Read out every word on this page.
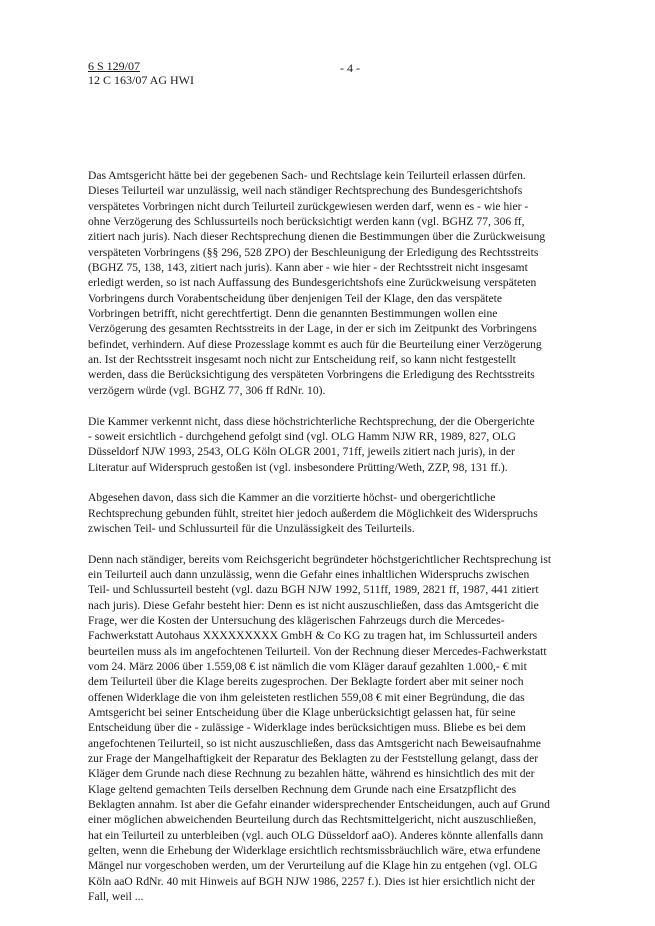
6 S 129/07
12 C 163/07 AG HWI
- 4 -

Das Amtsgericht hätte bei der gegebenen Sach- und Rechtslage kein Teilurteil erlassen dürfen.
Dieses Teilurteil war unzulässig, weil nach ständiger Rechtsprechung des Bundesgerichtshofs
verspätetes Vorbringen nicht durch Teilurteil zurückgewiesen werden darf, wenn es - wie hier -
ohne Verzögerung des Schlussurteils noch berücksichtigt werden kann (vgl. BGHZ 77, 306 ff,
zitiert nach juris). Nach dieser Rechtsprechung dienen die Bestimmungen über die Zurückweisung
verspäteten Vorbringens (§§ 296, 528 ZPO) der Beschleunigung der Erledigung des Rechtsstreits
(BGHZ 75, 138, 143, zitiert nach juris). Kann aber - wie hier - der Rechtsstreit nicht insgesamt
erledigt werden, so ist nach Auffassung des Bundesgerichtshofs eine Zurückweisung verspäteten
Vorbringens durch Vorabentscheidung über denjenigen Teil der Klage, den das verspätete
Vorbringen betrifft, nicht gerechtfertigt. Denn die genannten Bestimmungen wollen eine
Verzögerung des gesamten Rechtsstreits in der Lage, in der er sich im Zeitpunkt des Vorbringens
befindet, verhindern. Auf diese Prozesslage kommt es auch für die Beurteilung einer Verzögerung
an. Ist der Rechtsstreit insgesamt noch nicht zur Entscheidung reif, so kann nicht festgestellt
werden, dass die Berücksichtigung des verspäteten Vorbringens die Erledigung des Rechtsstreits
verzögern würde (vgl. BGHZ 77, 306 ff RdNr. 10).

Die Kammer verkennt nicht, dass diese höchstrichterliche Rechtsprechung, der die Obergerichte
- soweit ersichtlich - durchgehend gefolgt sind (vgl. OLG Hamm NJW RR, 1989, 827, OLG
Düsseldorf NJW 1993, 2543, OLG Köln OLGR 2001, 71ff, jeweils zitiert nach juris), in der
Literatur auf Widerspruch gestoßen ist (vgl. insbesondere Prütting/Weth, ZZP, 98, 131 ff.).

Abgesehen davon, dass sich die Kammer an die vorzitierte höchst- und obergerichtliche
Rechtsprechung gebunden fühlt, streitet hier jedoch außerdem die Möglichkeit des Widerspruchs
zwischen Teil- und Schlussurteil für die Unzulässigkeit des Teilurteils.

Denn nach ständiger, bereits vom Reichsgericht begründeter höchstgerichtlicher Rechtsprechung ist
ein Teilurteil auch dann unzulässig, wenn die Gefahr eines inhaltlichen Widerspruchs zwischen
Teil- und Schlussurteil besteht (vgl. dazu BGH NJW 1992, 511ff, 1989, 2821 ff, 1987, 441 zitiert
nach juris). Diese Gefahr besteht hier: Denn es ist nicht auszuschließen, dass das Amtsgericht die
Frage, wer die Kosten der Untersuchung des klägerischen Fahrzeugs durch die Mercedes-
Fachwerkstatt Autohaus XXXXXXXXX GmbH & Co KG zu tragen hat, im Schlussurteil anders
beurteilen muss als im angefochtenen Teilurteil. Von der Rechnung dieser Mercedes-Fachwerkstatt
vom 24. März 2006 über 1.559,08 € ist nämlich die vom Kläger darauf gezahlten 1.000,- € mit
dem Teilurteil über die Klage bereits zugesprochen. Der Beklagte fordert aber mit seiner noch
offenen Widerklage die von ihm geleisteten restlichen 559,08 € mit einer Begründung, die das
Amtsgericht bei seiner Entscheidung über die Klage unberücksichtigt gelassen hat, für seine
Entscheidung über die - zulässige - Widerklage indes berücksichtigen muss. Bliebe es bei dem
angefochtenen Teilurteil, so ist nicht auszuschließen, dass das Amtsgericht nach Beweisaufnahme
zur Frage der Mangelhaftigkeit der Reparatur des Beklagten zu der Feststellung gelangt, dass der
Kläger dem Grunde nach diese Rechnung zu bezahlen hätte, während es hinsichtlich des mit der
Klage geltend gemachten Teils derselben Rechnung dem Grunde nach eine Ersatzpflicht des
Beklagten annahm. Ist aber die Gefahr einander widersprechender Entscheidungen, auch auf Grund
einer möglichen abweichenden Beurteilung durch das Rechtsmittelgericht, nicht auszuschließen,
hat ein Teilurteil zu unterbleiben (vgl. auch OLG Düsseldorf aaO). Anderes könnte allenfalls dann
gelten, wenn die Erhebung der Widerklage ersichtlich rechtsmissbräuchlich wäre, etwa erfundene
Mängel nur vorgeschoben werden, um der Verurteilung auf die Klage hin zu entgehen (vgl. OLG
Köln aaO RdNr. 40 mit Hinweis auf BGH NJW 1986, 2257 f.). Dies ist hier ersichtlich nicht der
Fall, weil ...
